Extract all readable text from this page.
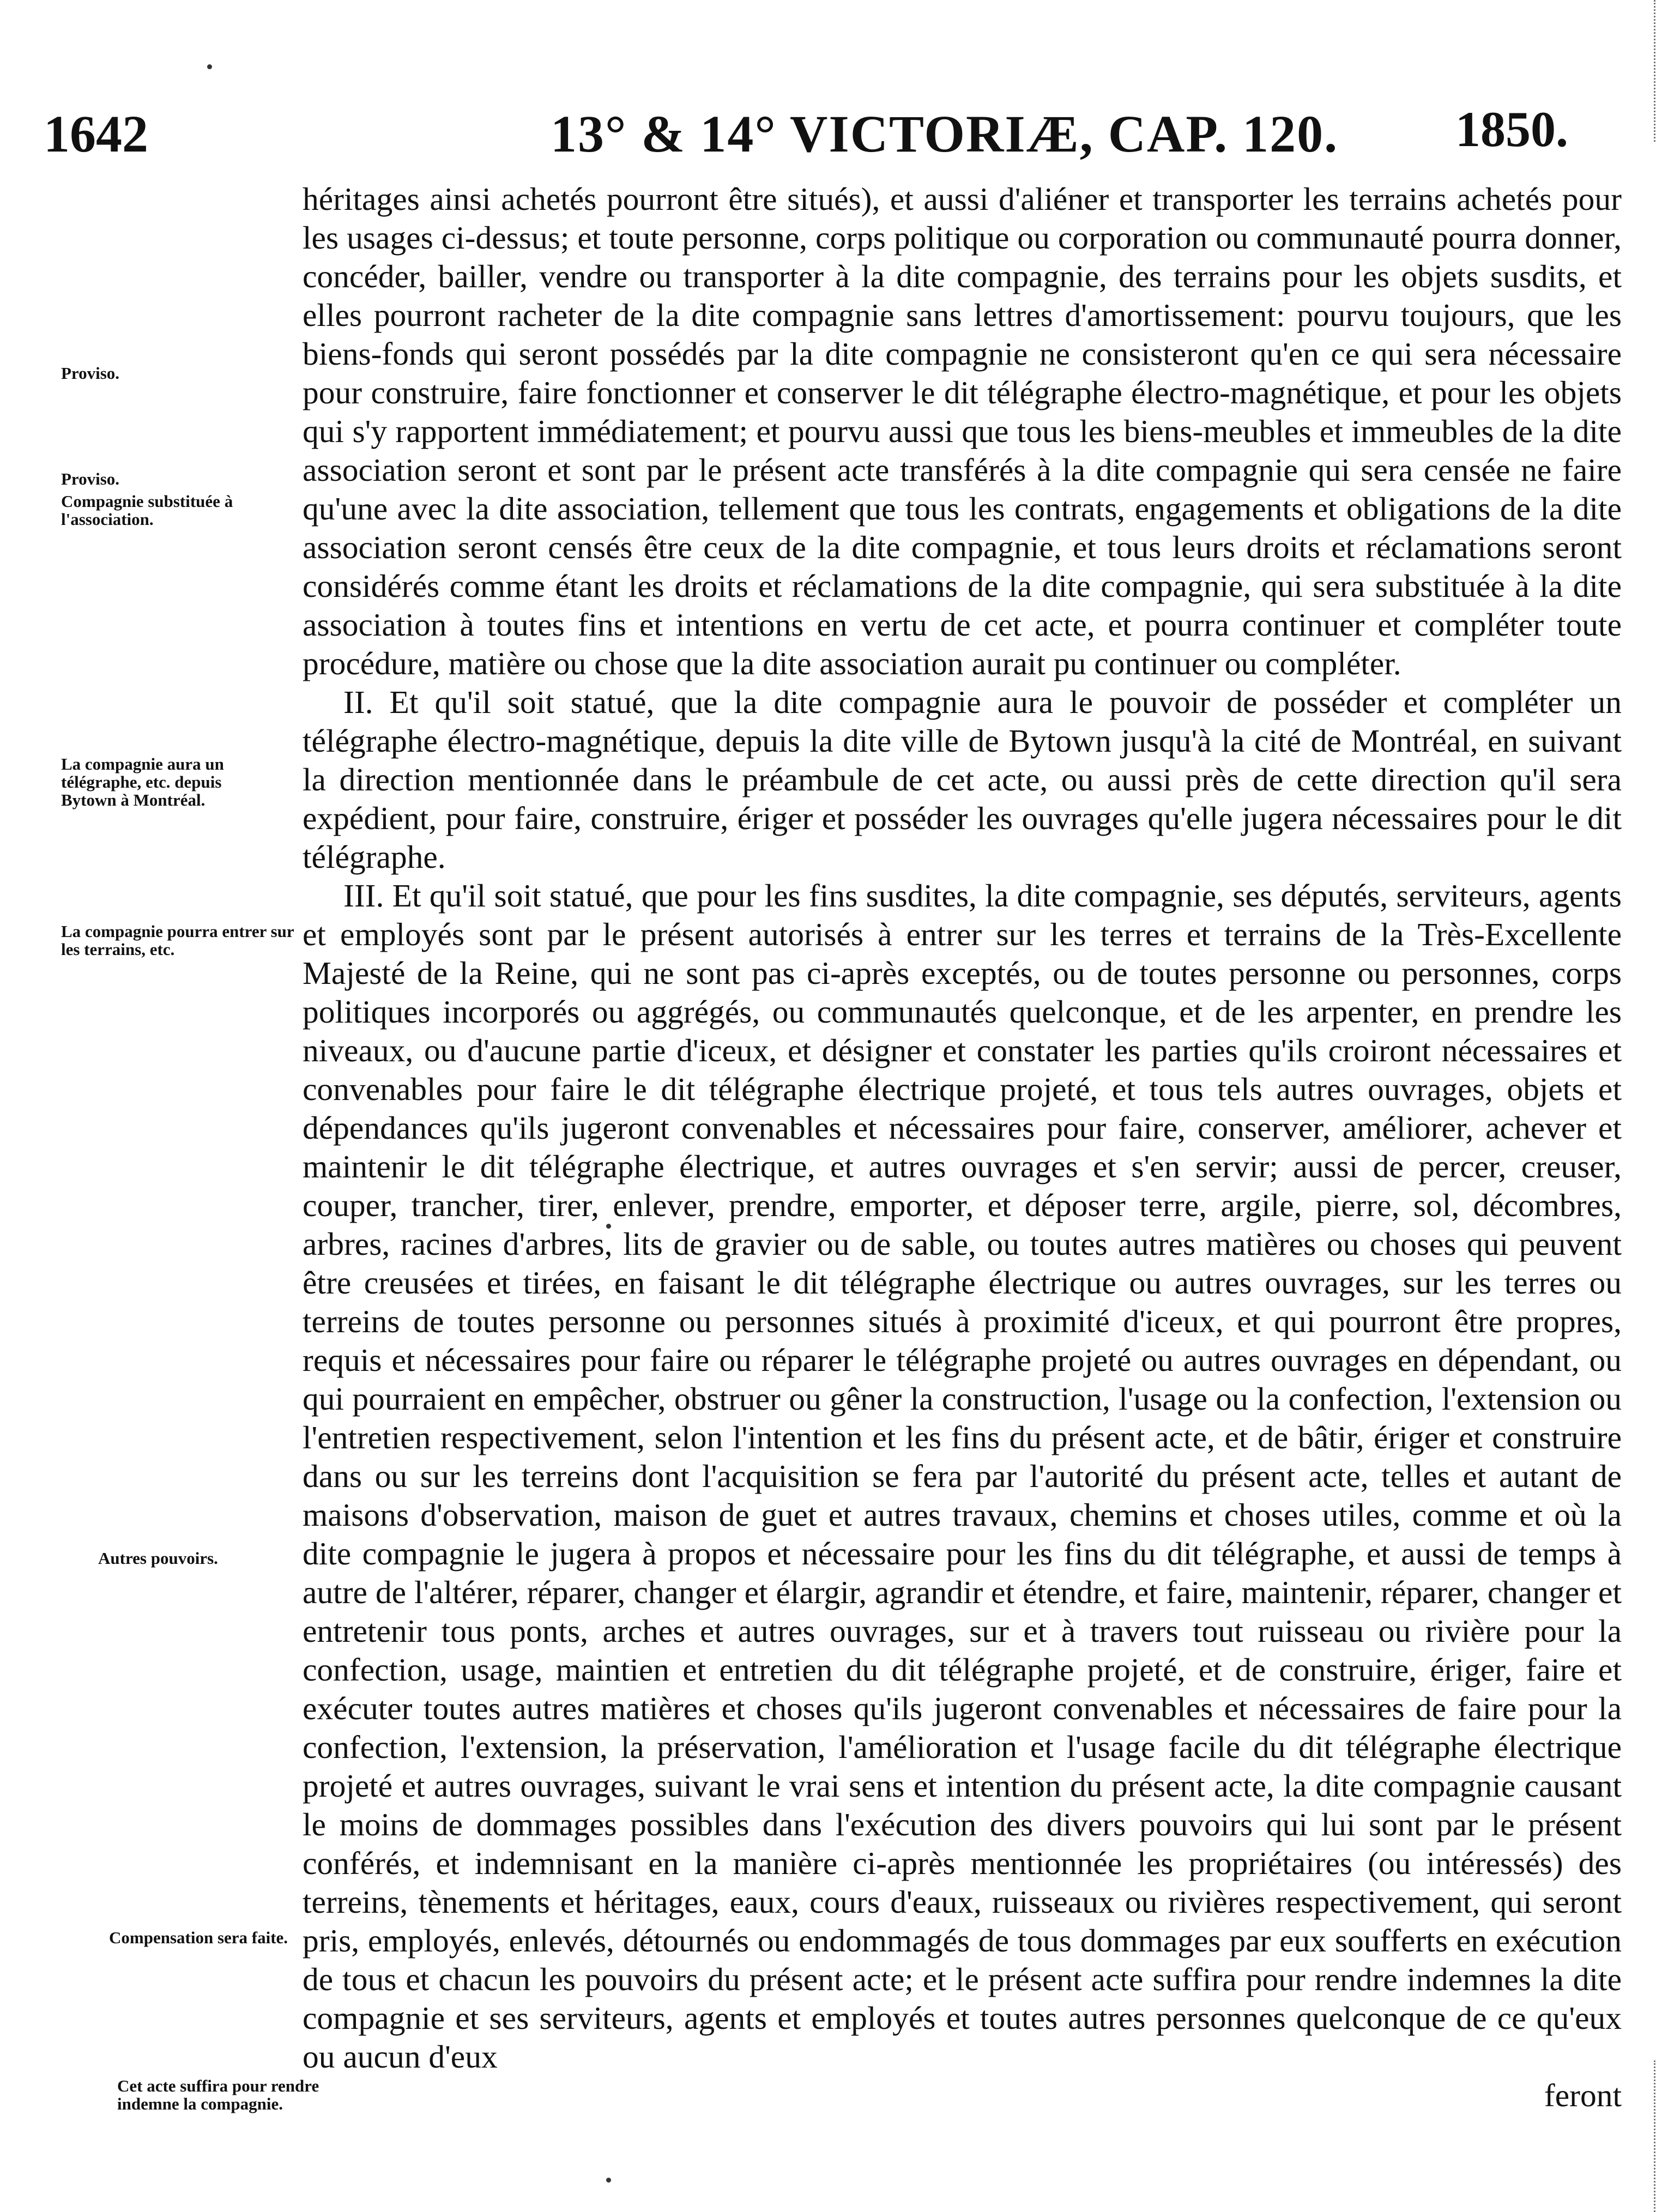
1642	13° & 14° VICTORIÆ, CAP. 120. 1850.
Proviso.
Proviso.
Compagnie substituée à l'association.
La compagnie aura un télégraphe, etc. depuis Bytown à Montréal.
La compagnie pourra entrer sur les terrains, etc.
Autres pouvoirs.
Compensation sera faite.
Cet acte suffira pour rendre indemne la compagnie.

héritages ainsi achetés pourront être situés), et aussi d'aliéner et transporter les terrains achetés pour les usages ci-dessus; et toute personne, corps politique ou corporation ou communauté pourra donner, concéder, bailler, vendre ou transporter à la dite compagnie, des terrains pour les objets susdits, et elles pourront racheter de la dite compagnie sans lettres d'amortissement: pourvu toujours, que les biens-fonds qui seront possédés par la dite compagnie ne consisteront qu'en ce qui sera nécessaire pour construire, faire fonctionner et conserver le dit télégraphe électro-magnétique, et pour les objets qui s'y rapportent immédiatement; et pourvu aussi que tous les biens-meubles et immeubles de la dite association seront et sont par le présent acte transférés à la dite compagnie qui sera censée ne faire qu'une avec la dite association, tellement que tous les contrats, engagements et obligations de la dite association seront censés être ceux de la dite compagnie, et tous leurs droits et réclamations seront considérés comme étant les droits et réclamations de la dite compagnie, qui sera substituée à la dite association à toutes fins et intentions en vertu de cet acte, et pourra continuer et compléter toute procédure, matière ou chose que la dite association aurait pu continuer ou compléter.

II. Et qu'il soit statué, que la dite compagnie aura le pouvoir de posséder et compléter un télégraphe électro-magnétique, depuis la dite ville de Bytown jusqu'à la cité de Montréal, en suivant la direction mentionnée dans le préambule de cet acte, ou aussi près de cette direction qu'il sera expédient, pour faire, construire, ériger et posséder les ouvrages qu'elle jugera nécessaires pour le dit télégraphe.

III. Et qu'il soit statué, que pour les fins susdites, la dite compagnie, ses députés, serviteurs, agents et employés sont par le présent autorisés à entrer sur les terres et terrains de la Très-Excellente Majesté de la Reine, qui ne sont pas ci-après exceptés, ou de toutes personne ou personnes, corps politiques incorporés ou aggrégés, ou communautés quelconque, et de les arpenter, en prendre les niveaux, ou d'aucune partie d'iceux, et désigner et constater les parties qu'ils croiront nécessaires et convenables pour faire le dit télégraphe électrique projeté, et tous tels autres ouvrages, objets et dépendances qu'ils jugeront convenables et nécessaires pour faire, conserver, améliorer, achever et maintenir le dit télégraphe électrique, et autres ouvrages et s'en servir; aussi de percer, creuser, couper, trancher, tirer, enlever, prendre, emporter, et déposer terre, argile, pierre, sol, décombres, arbres, racines d'arbres, lits de gravier ou de sable, ou toutes autres matières ou choses qui peuvent être creusées et tirées, en faisant le dit télégraphe électrique ou autres ouvrages, sur les terres ou terreins de toutes personne ou personnes situés à proximité d'iceux, et qui pourront être propres, requis et nécessaires pour faire ou réparer le télégraphe projeté ou autres ouvrages en dépendant, ou qui pourraient en empêcher, obstruer ou gêner la construction, l'usage ou la confection, l'extension ou l'entretien respectivement, selon l'intention et les fins du présent acte, et de bâtir, ériger et construire dans ou sur les terreins dont l'acquisition se fera par l'autorité du présent acte, telles et autant de maisons d'observation, maison de guet et autres travaux, chemins et choses utiles, comme et où la dite compagnie le jugera à propos et nécessaire pour les fins du dit télégraphe, et aussi de temps à autre de l'altérer, réparer, changer et élargir, agrandir et étendre, et faire, maintenir, réparer, changer et entretenir tous ponts, arches et autres ouvrages, sur et à travers tout ruisseau ou rivière pour la confection, usage, maintien et entretien du dit télégraphe projeté, et de construire, ériger, faire et exécuter toutes autres matières et choses qu'ils jugeront convenables et nécessaires de faire pour la confection, l'extension, la préservation, l'amélioration et l'usage facile du dit télégraphe électrique projeté et autres ouvrages, suivant le vrai sens et intention du présent acte, la dite compagnie causant le moins de dommages possibles dans l'exécution des divers pouvoirs qui lui sont par le présent conférés, et indemnisant en la manière ci-après mentionnée les propriétaires (ou intéressés) des terreins, tènements et héritages, eaux, cours d'eaux, ruisseaux ou rivières respectivement, qui seront pris, employés, enlevés, détournés ou endommagés de tous dommages par eux soufferts en exécution de tous et chacun les pouvoirs du présent acte; et le présent acte suffira pour rendre indemnes la dite compagnie et ses serviteurs, agents et employés et toutes autres personnes quelconque de ce qu'eux ou aucun d'eux

feront
